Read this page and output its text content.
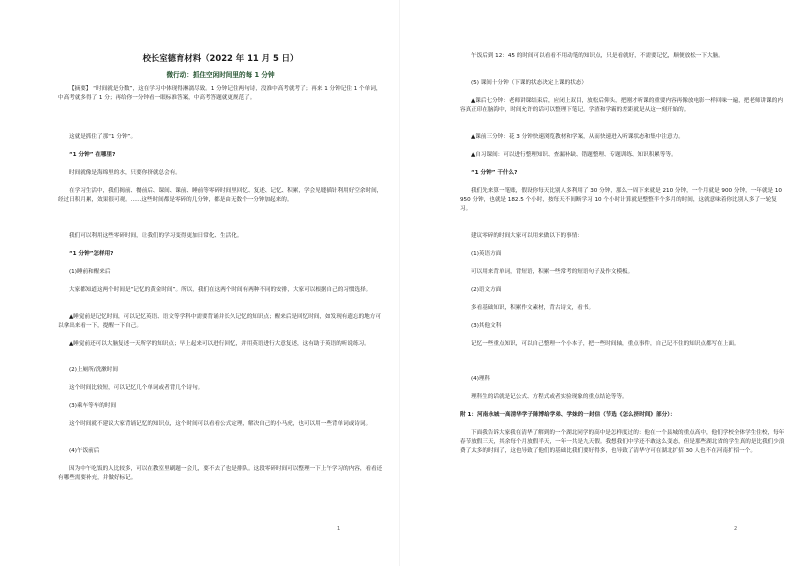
校长室德育材料（2022 年 11 月 5 日）
微行动：抓住空闲时间里的每 1 分钟

【摘要】 “时间就是分数”，这在学习中体现得淋漓尽致。1 分钟记住两句诗，没准中高考就考了；再来 1 分钟记住 1 个单词，中高考就多得了 1 分；再给你一分钟看一眼标准答案，中高考答题就更规范了。

这就是抓住了那“1 分钟”。

“1 分钟” 在哪里?

时间就像是海绵里的水，只要你挤就总会有。

在学习生活中，我们揭前、餐前后、课间、课前、睡前等零碎时间里回忆、复述、记忆、积累，学会见缝插针利用好空余时间，经过日积月累，效果很可观。......这些时间都是零碎的几分钟，都是由无数个一分钟加起来的。

我们可以利用这些零碎时间，让我们的学习变得更加日常化、生活化。

“1 分钟”怎样用?

(1)睡前和醒来后

大家都知道这两个时间是“记忆的黄金时间”。所以，我们在这两个时间有两种不同的安排，大家可以根据自己的习惯选择。

▲睡觉前是记忆时间，可以记忆英语、语文等学科中需要背诵并长久记忆的知识点；醒来后是回忆时间，如发现有遗忘的地方可以拿出来看一下，提醒一下自己。

▲睡觉前还可以大脑复述一天所学的知识点；早上起来可以进行回忆，并用英语进行大意复述，这有助于英语的听说练习。

(2)上厕所/洗漱时间

这个时间比较短，可以记忆几个单词或者背几个诗句。

(3)乘车等车的时间

这个时间就不建议大家背诵记忆的知识点，这个时间可以看看公式定理，解决自己的小马虎，也可以用一些背单词或诗词。

(4)午饭前后

因为中午吃饭的人比较多，可以在教室里刷题一会儿，要不去了也是排队。这段零碎时间可以整理一下上午学习的内容，看看还有哪些需要补充，并做好标记。

1

午饭后到 12：45 的时间可以看看不用动笔的知识点，只是看就好，不需要记忆，顺便放松一下大脑。

(5) 课间十分钟（下课的状态决定上课的状态）

▲课后七分钟：老师讲课结束后，应闭上双目，放松后仰头，把刚才听课的重要内容再像放电影一样回味一遍，把老师讲课的内容真正印在脑海中，时间允许的话可以整理下笔记，学渣和学霸的差距就是从这一刻开始的。

▲课前三分钟：花 3 分钟快速浏览教材和学案，从而快速进入听课状态和集中注意力。

▲自习课间：可以进行整理知识、查漏补缺、错题整理、专题训练、知识积累等等。

“1 分钟” 干什么?

我们先来算一笔账，假设你每天比别人多利用了 30 分钟，那么一周下来就是 210 分钟，一个月就是 900 分钟，一年就是 10950 分钟，也就是 182.5 个小时，按每天不间断学习 10 个小时计算就是整整半个多月的时间，这就意味着你比别人多了一轮复习。

建议零碎的时间大家可以用来做以下的事情：

(1)英语方面

可以用来背单词，背短语，积累一些常考的短语句子及作文模板。

(2)语文方面

多看基础知识，积累作文素材，背古诗文，看书。

(3)其他文科

记忆一些重点知识，可以自己整理一个小本子，把一些时间轴，重点事件，自己记不住的知识点都写在上面。

(4)理科

理科生的话就是记公式、方程式或者实验现象的重点结论等等。

附 1：河南永城一高清华学子陈博给学弟、学妹的一封信（节选《怎么挤时间》部分）：

下面我告诉大家我在清华了解到的一个湖北同学的高中是怎样度过的：他在一个县城的重点高中，他们学校全体学生住校，每年春节放假三天，其余每个月放假半天，一年一共是九天假。我想我们中学还不敢这么变态，但是那些湖北省的学生真的是比我们少浪费了太多的时间了，这也导致了他们的基础比我们要好得多，也导致了清华守可在湖北扩招 30 人也不在河南扩招一个。

2
